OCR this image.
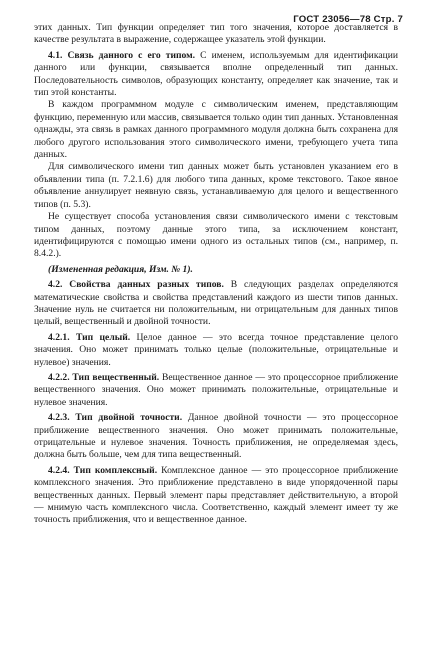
ГОСТ 23056—78 Стр. 7

этих данных. Тип функции определяет тип того значения, которое доставляется в качестве результата в выражение, содержащее указатель этой функции.

4.1. Связь данного с его типом. С именем, используемым для идентификации данного или функции, связывается вполне определенный тип данных. Последовательность символов, образующих константу, определяет как значение, так и тип этой константы.

В каждом программном модуле с символическим именем, представляющим функцию, переменную или массив, связывается только один тип данных. Установленная однажды, эта связь в рамках данного программного модуля должна быть сохранена для любого другого использования этого символического имени, требующего учета типа данных.

Для символического имени тип данных может быть установлен указанием его в объявлении типа (п. 7.2.1.6) для любого типа данных, кроме текстового. Такое явное объявление аннулирует неявную связь, устанавливаемую для целого и вещественного типов (п. 5.3).

Не существует способа установления связи символического имени с текстовым типом данных, поэтому данные этого типа, за исключением констант, идентифицируются с помощью имени одного из остальных типов (см., например, п. 8.4.2.).

(Измененная редакция, Изм. № 1).

4.2. Свойства данных разных типов. В следующих разделах определяются математические свойства и свойства представлений каждого из шести типов данных. Значение нуль не считается ни положительным, ни отрицательным для данных типов целый, вещественный и двойной точности.

4.2.1. Тип целый. Целое данное — это всегда точное представление целого значения. Оно может принимать только целые (положительные, отрицательные и нулевое) значения.

4.2.2. Тип вещественный. Вещественное данное — это процессорное приближение вещественного значения. Оно может принимать положительные, отрицательные и нулевое значения.

4.2.3. Тип двойной точности. Данное двойной точности — это процессорное приближение вещественного значения. Оно может принимать положительные, отрицательные и нулевое значения. Точность приближения, не определяемая здесь, должна быть больше, чем для типа вещественный.

4.2.4. Тип комплексный. Комплексное данное — это процессорное приближение комплексного значения. Это приближение представлено в виде упорядоченной пары вещественных данных. Первый элемент пары представляет действительную, а второй — мнимую часть комплексного числа. Соответственно, каждый элемент имеет ту же точность приближения, что и вещественное данное.
